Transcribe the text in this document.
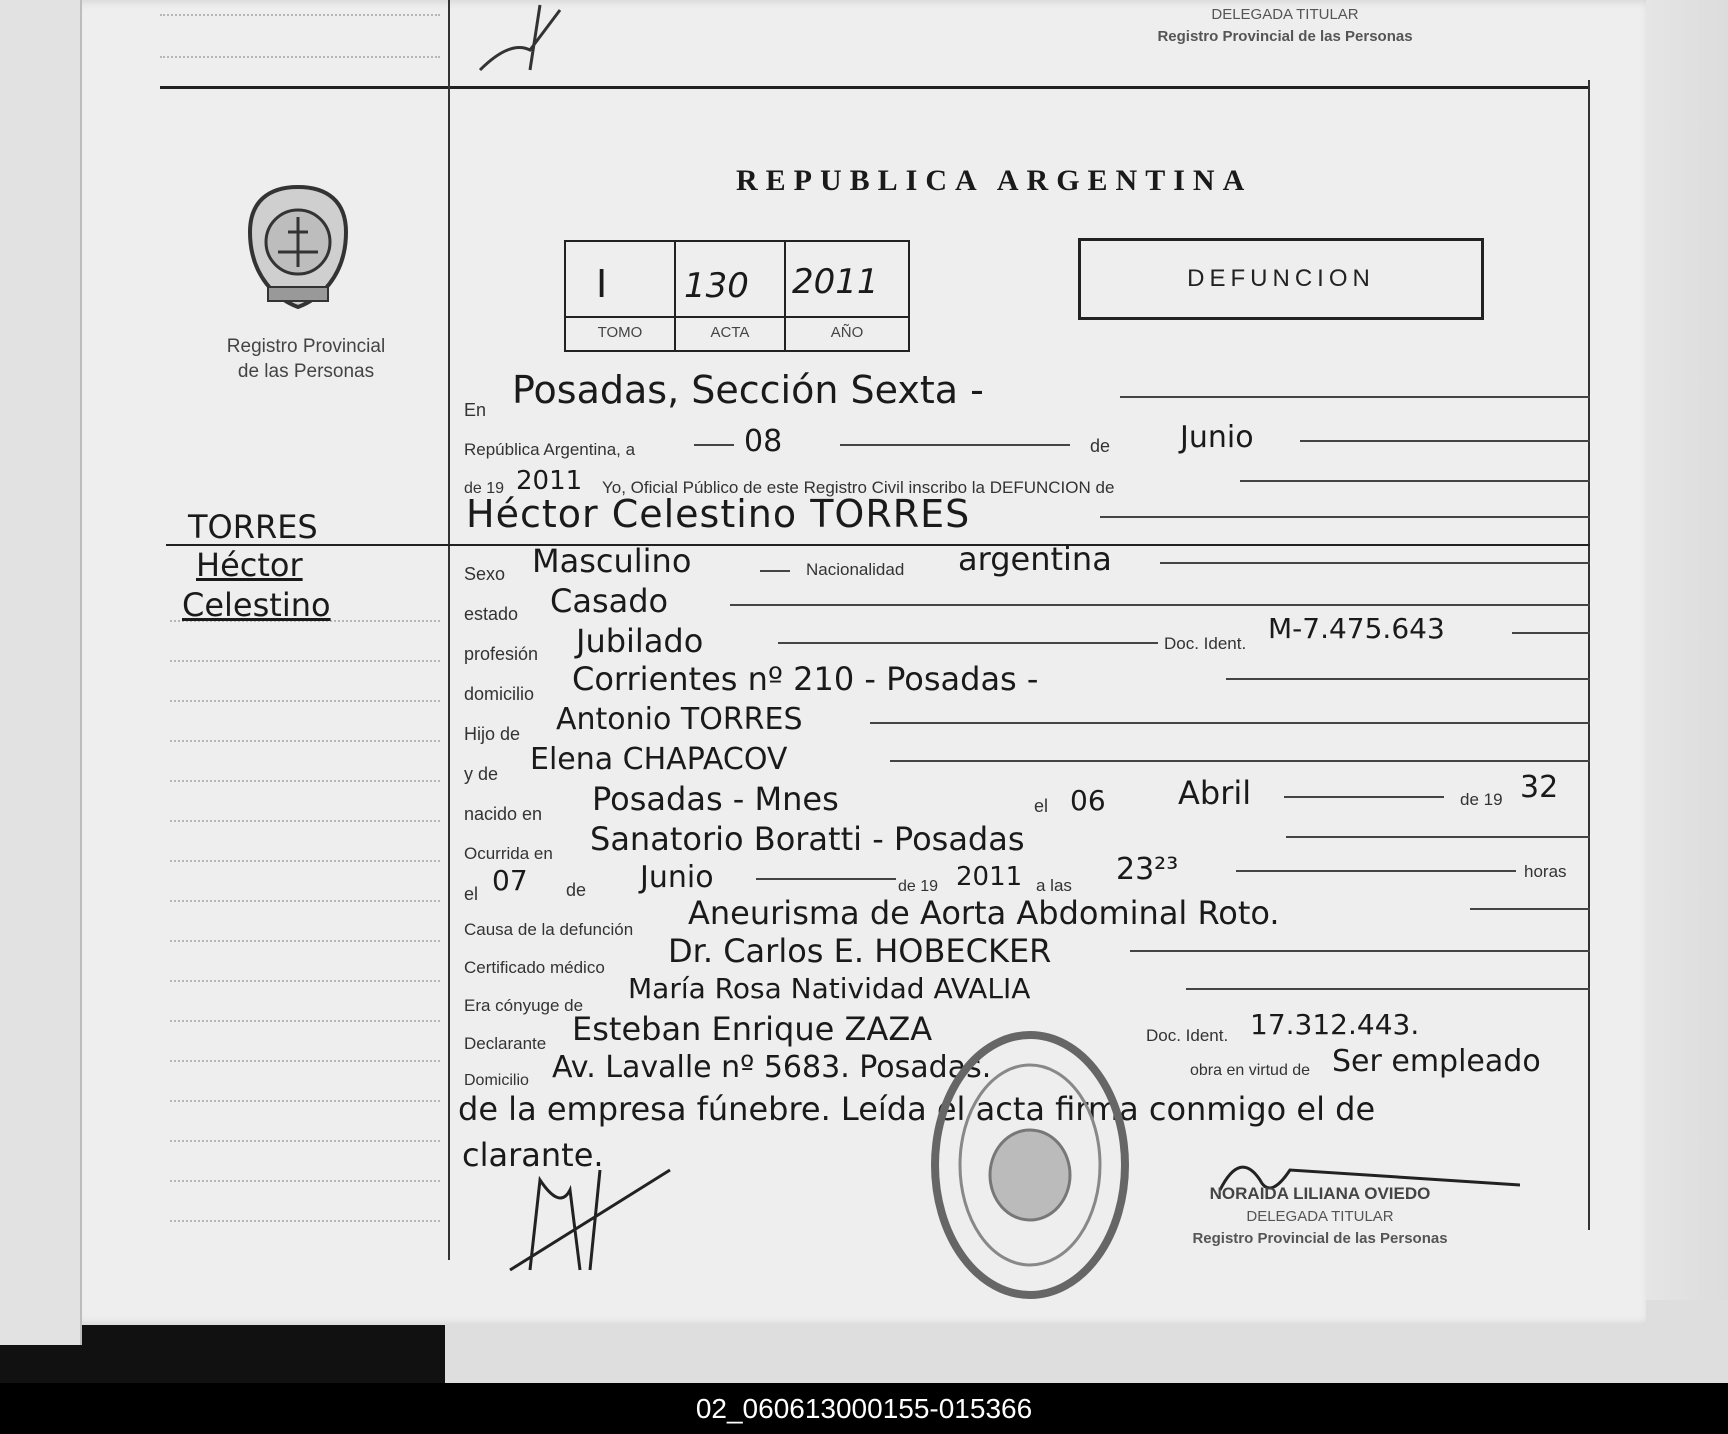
DELEGADA TITULAR
Registro Provincial de las Personas
Registro Provincial
de las Personas
REPUBLICA ARGENTINA
I 130 2011
TOMO	ACTA	AÑO
DEFUNCION
TORRES
Héctor
Celestino
En Posadas, Sección Sexta -
República Argentina, a	08	de Junio
de 19 2011 Yo, Oficial Público de este Registro Civil inscribo la DEFUNCION de
Héctor Celestino TORRES
Sexo Masculino	Nacionalidad argentina
estado Casado
profesión Jubilado	Doc. Ident. M-7.475.643
domicilio Corrientes nº 210 - Posadas -
Hijo de Antonio TORRES
y de Elena CHAPACOV
nacido en Posadas - Mnes	el 06 Abril	de 19 32
Ocurrida en Sanatorio Boratti - Posadas
el 07 de Junio	de 19 2011 a las 23²³	horas
Causa de la defunción Aneurisma de Aorta Abdominal Roto.
Certificado médico Dr. Carlos E. HOBECKER
Era cónyuge de
María Rosa Natividad AVALIA
Declarante Esteban Enrique ZAZA	Doc. Ident. 17.312.443.
Domicilio Av. Lavalle nº 5683. Posadas.	obra en virtud de Ser empleado
de la empresa fúnebre. Leída el acta firma conmigo el de
clarante.
NORAIDA LILIANA OVIEDO
DELEGADA TITULAR
Registro Provincial de las Personas
02_060613000155-015366
